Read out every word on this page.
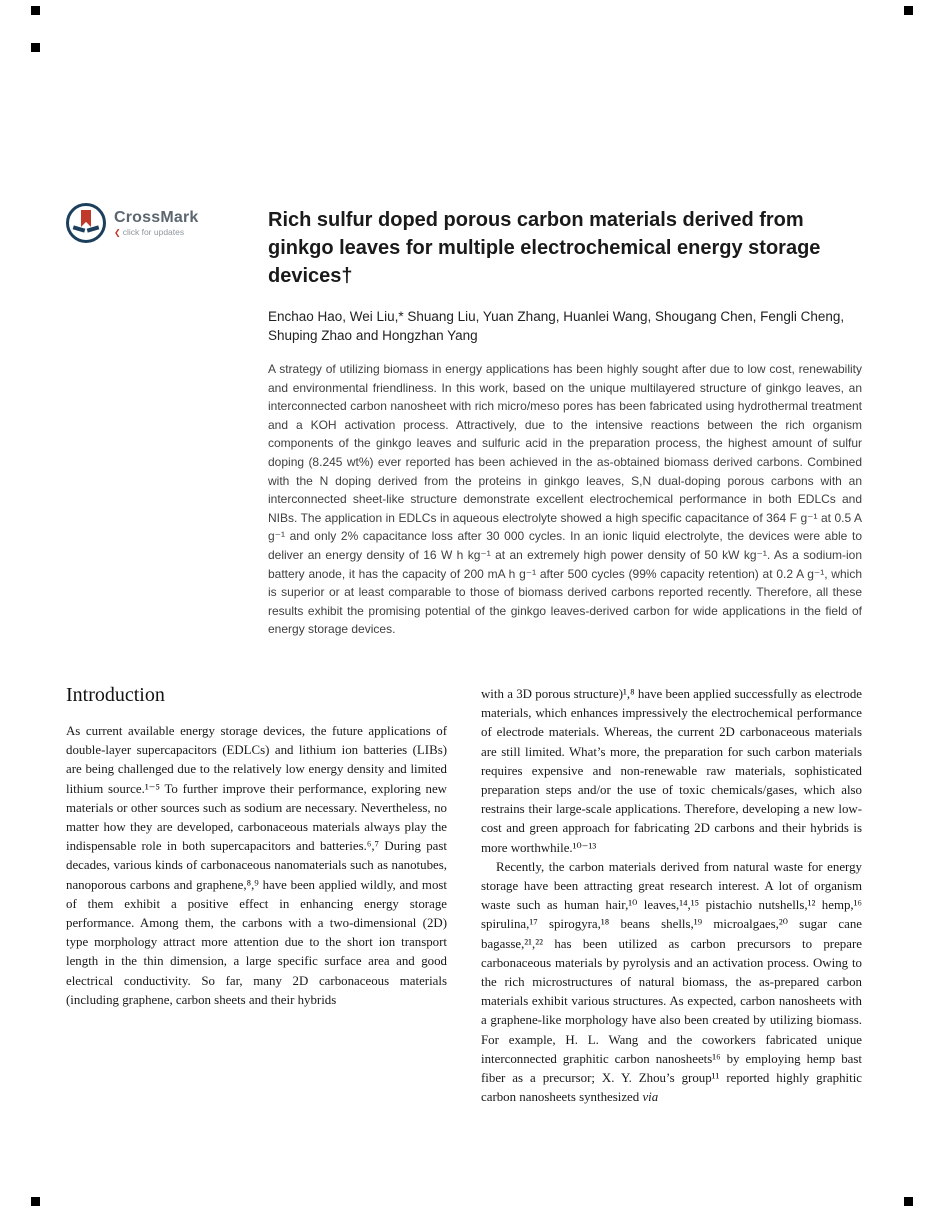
CrossMark
❮ click for updates
Rich sulfur doped porous carbon materials derived from ginkgo leaves for multiple electrochemical energy storage devices†
Enchao Hao, Wei Liu,* Shuang Liu, Yuan Zhang, Huanlei Wang, Shougang Chen, Fengli Cheng, Shuping Zhao and Hongzhan Yang
A strategy of utilizing biomass in energy applications has been highly sought after due to low cost, renewability and environmental friendliness. In this work, based on the unique multilayered structure of ginkgo leaves, an interconnected carbon nanosheet with rich micro/meso pores has been fabricated using hydrothermal treatment and a KOH activation process. Attractively, due to the intensive reactions between the rich organism components of the ginkgo leaves and sulfuric acid in the preparation process, the highest amount of sulfur doping (8.245 wt%) ever reported has been achieved in the as-obtained biomass derived carbons. Combined with the N doping derived from the proteins in ginkgo leaves, S,N dual-doping porous carbons with an interconnected sheet-like structure demonstrate excellent electrochemical performance in both EDLCs and NIBs. The application in EDLCs in aqueous electrolyte showed a high specific capacitance of 364 F g⁻¹ at 0.5 A g⁻¹ and only 2% capacitance loss after 30 000 cycles. In an ionic liquid electrolyte, the devices were able to deliver an energy density of 16 W h kg⁻¹ at an extremely high power density of 50 kW kg⁻¹. As a sodium-ion battery anode, it has the capacity of 200 mA h g⁻¹ after 500 cycles (99% capacity retention) at 0.2 A g⁻¹, which is superior or at least comparable to those of biomass derived carbons reported recently. Therefore, all these results exhibit the promising potential of the ginkgo leaves-derived carbon for wide applications in the field of energy storage devices.
Introduction

As current available energy storage devices, the future applications of double-layer supercapacitors (EDLCs) and lithium ion batteries (LIBs) are being challenged due to the relatively low energy density and limited lithium source.¹⁻⁵ To further improve their performance, exploring new materials or other sources such as sodium are necessary. Nevertheless, no matter how they are developed, carbonaceous materials always play the indispensable role in both supercapacitors and batteries.⁶,⁷ During past decades, various kinds of carbonaceous nanomaterials such as nanotubes, nanoporous carbons and graphene,⁸,⁹ have been applied wildly, and most of them exhibit a positive effect in enhancing energy storage performance. Among them, the carbons with a two-dimensional (2D) type morphology attract more attention due to the short ion transport length in the thin dimension, a large specific surface area and good electrical conductivity. So far, many 2D carbonaceous materials (including graphene, carbon sheets and their hybrids

with a 3D porous structure)¹,⁸ have been applied successfully as electrode materials, which enhances impressively the electrochemical performance of electrode materials. Whereas, the current 2D carbonaceous materials are still limited. What’s more, the preparation for such carbon materials requires expensive and non-renewable raw materials, sophisticated preparation steps and/or the use of toxic chemicals/gases, which also restrains their large-scale applications. Therefore, developing a new low-cost and green approach for fabricating 2D carbons and their hybrids is more worthwhile.¹⁰⁻¹³

Recently, the carbon materials derived from natural waste for energy storage have been attracting great research interest. A lot of organism waste such as human hair,¹⁰ leaves,¹⁴,¹⁵ pistachio nutshells,¹² hemp,¹⁶ spirulina,¹⁷ spirogyra,¹⁸ beans shells,¹⁹ microalgaes,²⁰ sugar cane bagasse,²¹,²² has been utilized as carbon precursors to prepare carbonaceous materials by pyrolysis and an activation process. Owing to the rich microstructures of natural biomass, the as-prepared carbon materials exhibit various structures. As expected, carbon nanosheets with a graphene-like morphology have also been created by utilizing biomass. For example, H. L. Wang and the coworkers fabricated unique interconnected graphitic carbon nanosheets¹⁶ by employing hemp bast fiber as a precursor; X. Y. Zhou’s group¹¹ reported highly graphitic carbon nanosheets synthesized via
